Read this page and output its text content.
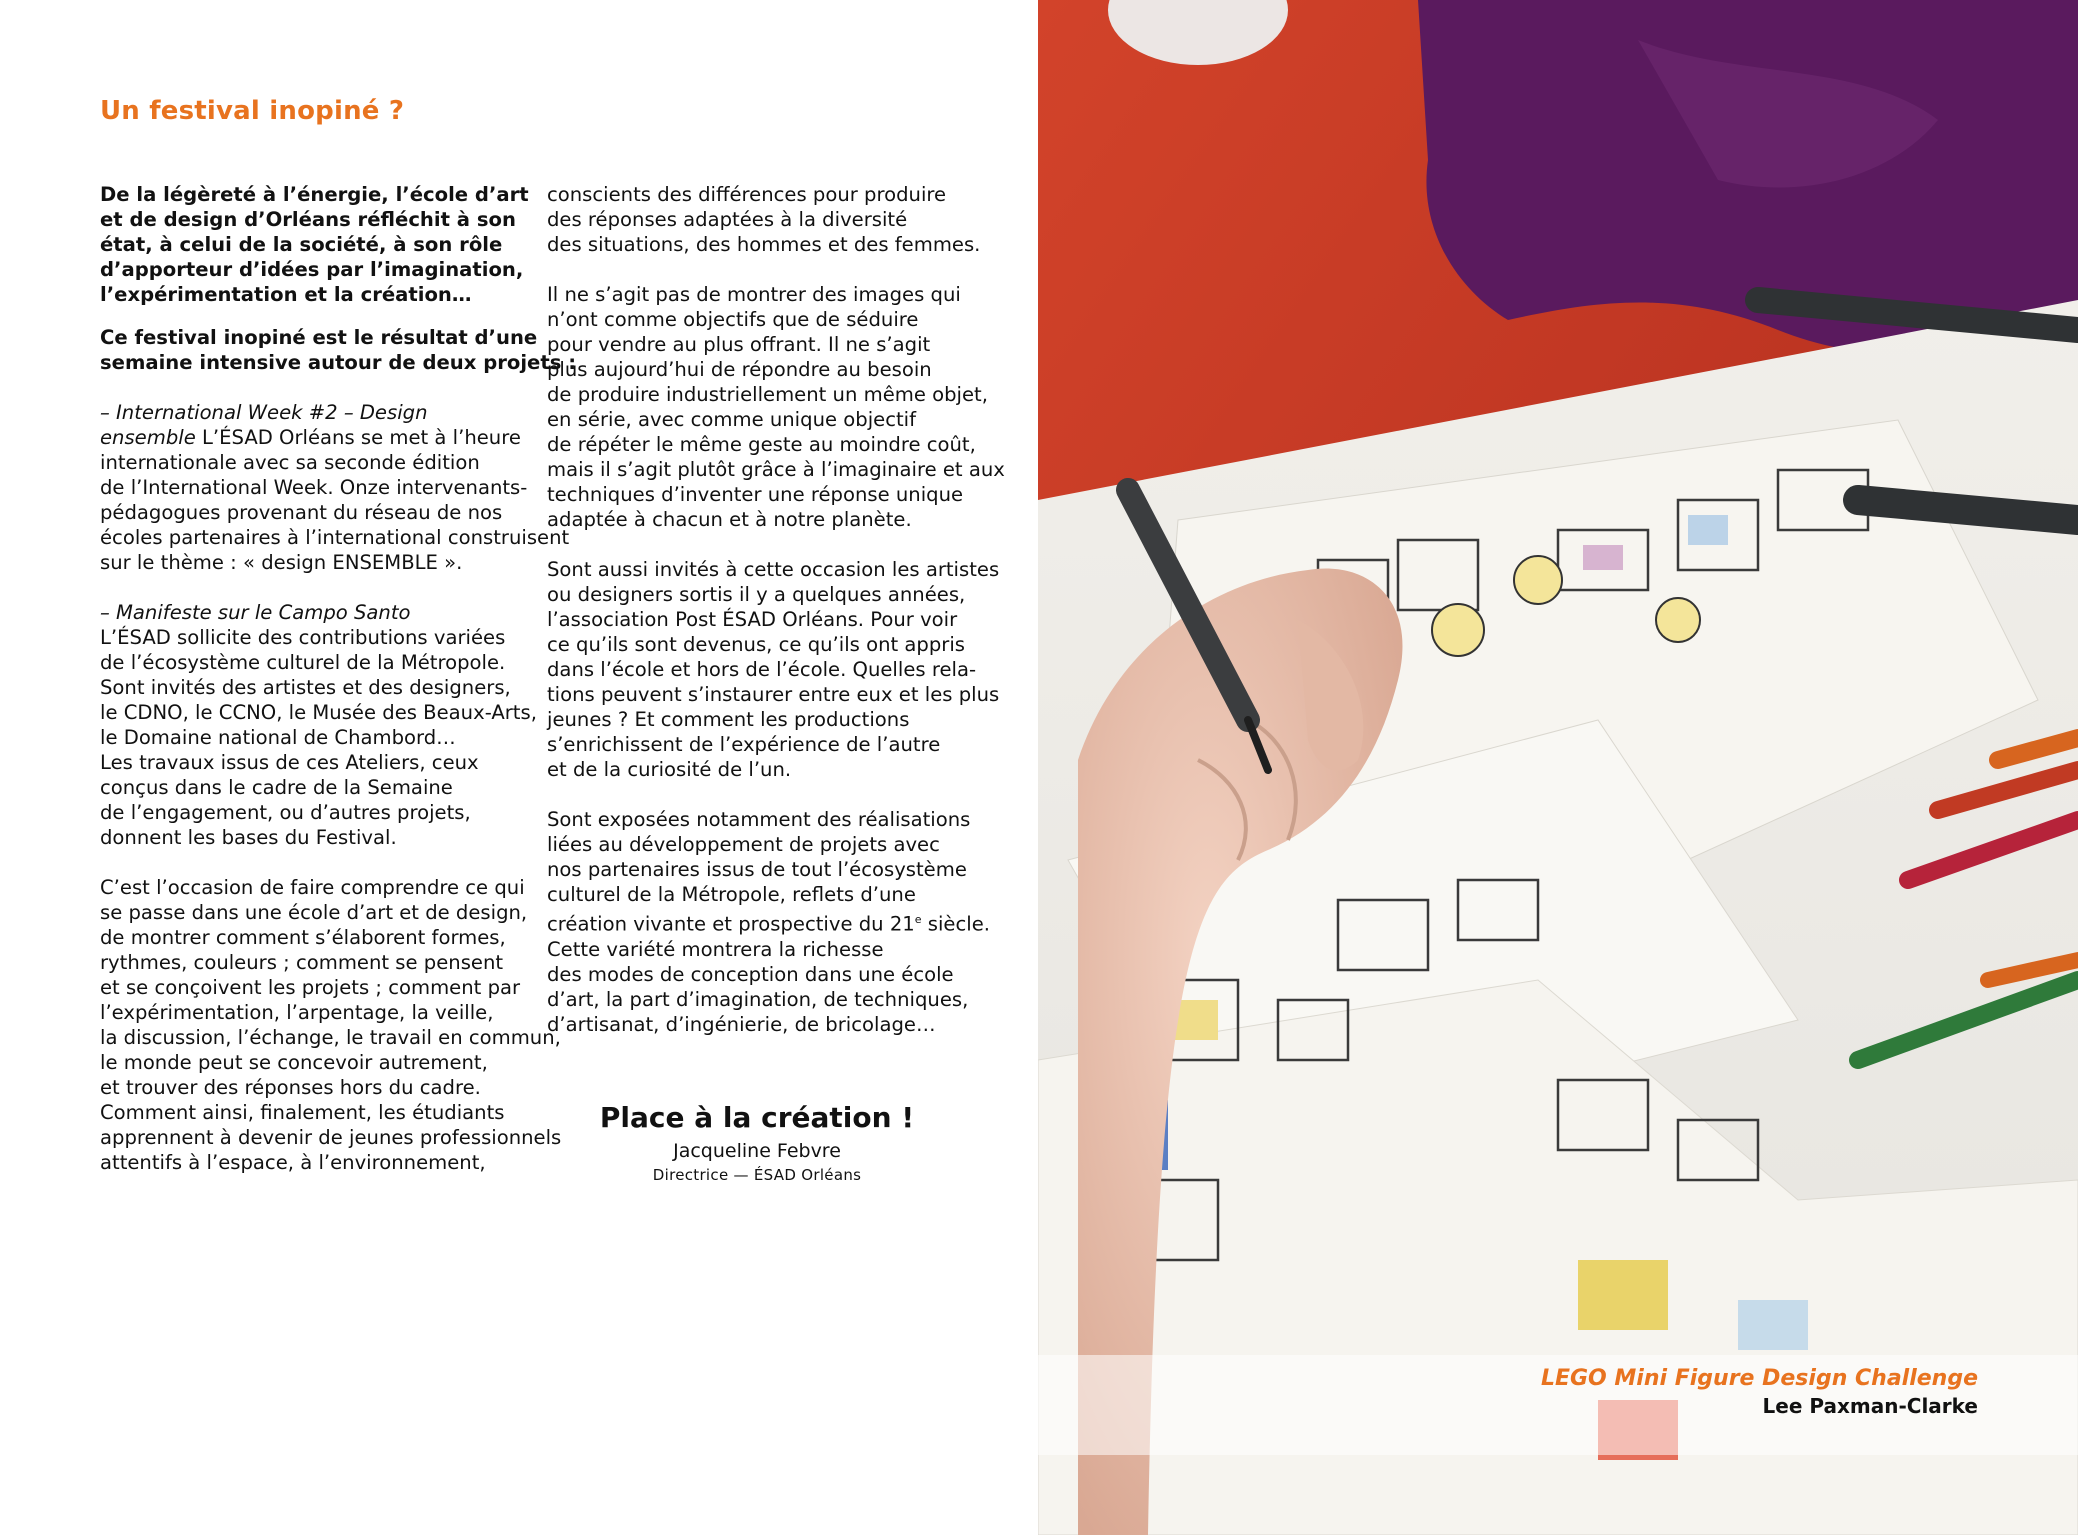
Un festival inopiné ?

De la légèreté à l’énergie, l’école d’art
et de design d’Orléans réfléchit à son
état, à celui de la société, à son rôle
d’apporteur d’idées par l’imagination,
l’expérimentation et la création…

Ce festival inopiné est le résultat d’une
semaine intensive autour de deux projets :

– International Week #2 – Design
ensemble L’ÉSAD Orléans se met à l’heure
internationale avec sa seconde édition
de l’International Week. Onze intervenants-
pédagogues provenant du réseau de nos
écoles partenaires à l’international construisent
sur le thème : « design ENSEMBLE ».

– Manifeste sur le Campo Santo
L’ÉSAD sollicite des contributions variées
de l’écosystème culturel de la Métropole.
Sont invités des artistes et des designers,
le CDNO, le CCNO, le Musée des Beaux-Arts,
le Domaine national de Chambord…
Les travaux issus de ces Ateliers, ceux
conçus dans le cadre de la Semaine
de l’engagement, ou d’autres projets,
donnent les bases du Festival.

C’est l’occasion de faire comprendre ce qui
se passe dans une école d’art et de design,
de montrer comment s’élaborent formes,
rythmes, couleurs ; comment se pensent
et se conçoivent les projets ; comment par
l’expérimentation, l’arpentage, la veille,
la discussion, l’échange, le travail en commun,
le monde peut se concevoir autrement,
et trouver des réponses hors du cadre.
Comment ainsi, finalement, les étudiants
apprennent à devenir de jeunes professionnels
attentifs à l’espace, à l’environnement,

conscients des différences pour produire
des réponses adaptées à la diversité
des situations, des hommes et des femmes.

Il ne s’agit pas de montrer des images qui
n’ont comme objectifs que de séduire
pour vendre au plus offrant. Il ne s’agit
plus aujourd’hui de répondre au besoin
de produire industriellement un même objet,
en série, avec comme unique objectif
de répéter le même geste au moindre coût,
mais il s’agit plutôt grâce à l’imaginaire et aux
techniques d’inventer une réponse unique
adaptée à chacun et à notre planète.

Sont aussi invités à cette occasion les artistes
ou designers sortis il y a quelques années,
l’association Post ÉSAD Orléans. Pour voir
ce qu’ils sont devenus, ce qu’ils ont appris
dans l’école et hors de l’école. Quelles rela-
tions peuvent s’instaurer entre eux et les plus
jeunes ? Et comment les productions
s’enrichissent de l’expérience de l’autre
et de la curiosité de l’un.

Sont exposées notamment des réalisations
liées au développement de projets avec
nos partenaires issus de tout l’écosystème
culturel de la Métropole, reflets d’une
création vivante et prospective du 21e siècle.
Cette variété montrera la richesse
des modes de conception dans une école
d’art, la part d’imagination, de techniques,
d’artisanat, d’ingénierie, de bricolage…

Place à la création !
Jacqueline Febvre
Directrice — ÉSAD Orléans
LEGO Mini Figure Design Challenge
Lee Paxman-Clarke
